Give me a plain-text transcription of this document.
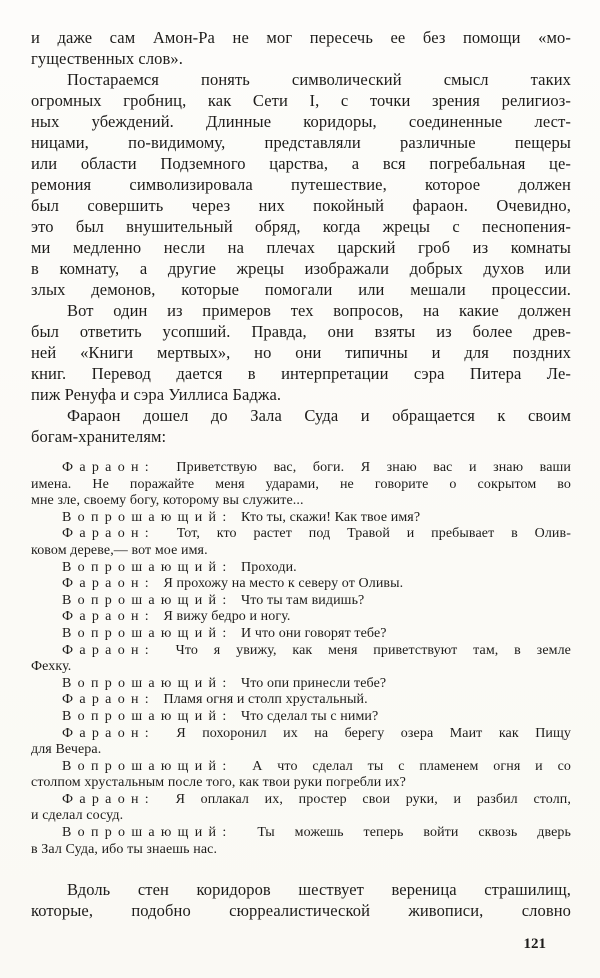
и даже сам Амон-Ра не мог пересечь ее без помощи «мо-
гущественных слов».
Постараемся понять символический смысл таких
огромных гробниц, как Сети I, с точки зрения религиоз-
ных убеждений. Длинные коридоры, соединенные лест-
ницами, по-видимому, представляли различные пещеры
или области Подземного царства, а вся погребальная це-
ремония символизировала путешествие, которое должен
был совершить через них покойный фараон. Очевидно,
это был внушительный обряд, когда жрецы с песнопения-
ми медленно несли на плечах царский гроб из комнаты
в комнату, а другие жрецы изображали добрых духов или
злых демонов, которые помогали или мешали процессии.
Вот один из примеров тех вопросов, на какие должен
был ответить усопший. Правда, они взяты из более древ-
ней «Книги мертвых», но они типичны и для поздних
книг. Перевод дается в интерпретации сэра Питера Ле-
пиж Ренуфа и сэра Уиллиса Баджа.
Фараон дошел до Зала Суда и обращается к своим
богам-хранителям:
Фараон: Приветствую вас, боги. Я знаю вас и знаю ваши
имена. Не поражайте меня ударами, не говорите о сокрытом во
мне зле, своему богу, которому вы служите...
Вопрошающий: Кто ты, скажи! Как твое имя?
Фараон: Тот, кто растет под Травой и пребывает в Олив-
ковом дереве,— вот мое имя.
Вопрошающий: Проходи.
Фараон: Я прохожу на место к северу от Оливы.
Вопрошающий: Что ты там видишь?
Фараон: Я вижу бедро и ногу.
Вопрошающий: И что они говорят тебе?
Фараон: Что я увижу, как меня приветствуют там, в земле
Фехку.
Вопрошающий: Что опи принесли тебе?
Фараон: Пламя огня и столп хрустальный.
Вопрошающий: Что сделал ты с ними?
Фараон: Я похоронил их на берегу озера Маит как Пищу
для Вечера.
Вопрошающий: А что сделал ты с пламенем огня и со
столпом хрустальным после того, как твои руки погребли их?
Фараон: Я оплакал их, простер свои руки, и разбил столп,
и сделал сосуд.
Вопрошающий: Ты можешь теперь войти сквозь дверь
в Зал Суда, ибо ты знаешь нас.
Вдоль стен коридоров шествует вереница страшилищ,
которые, подобно сюрреалистической живописи, словно
121
